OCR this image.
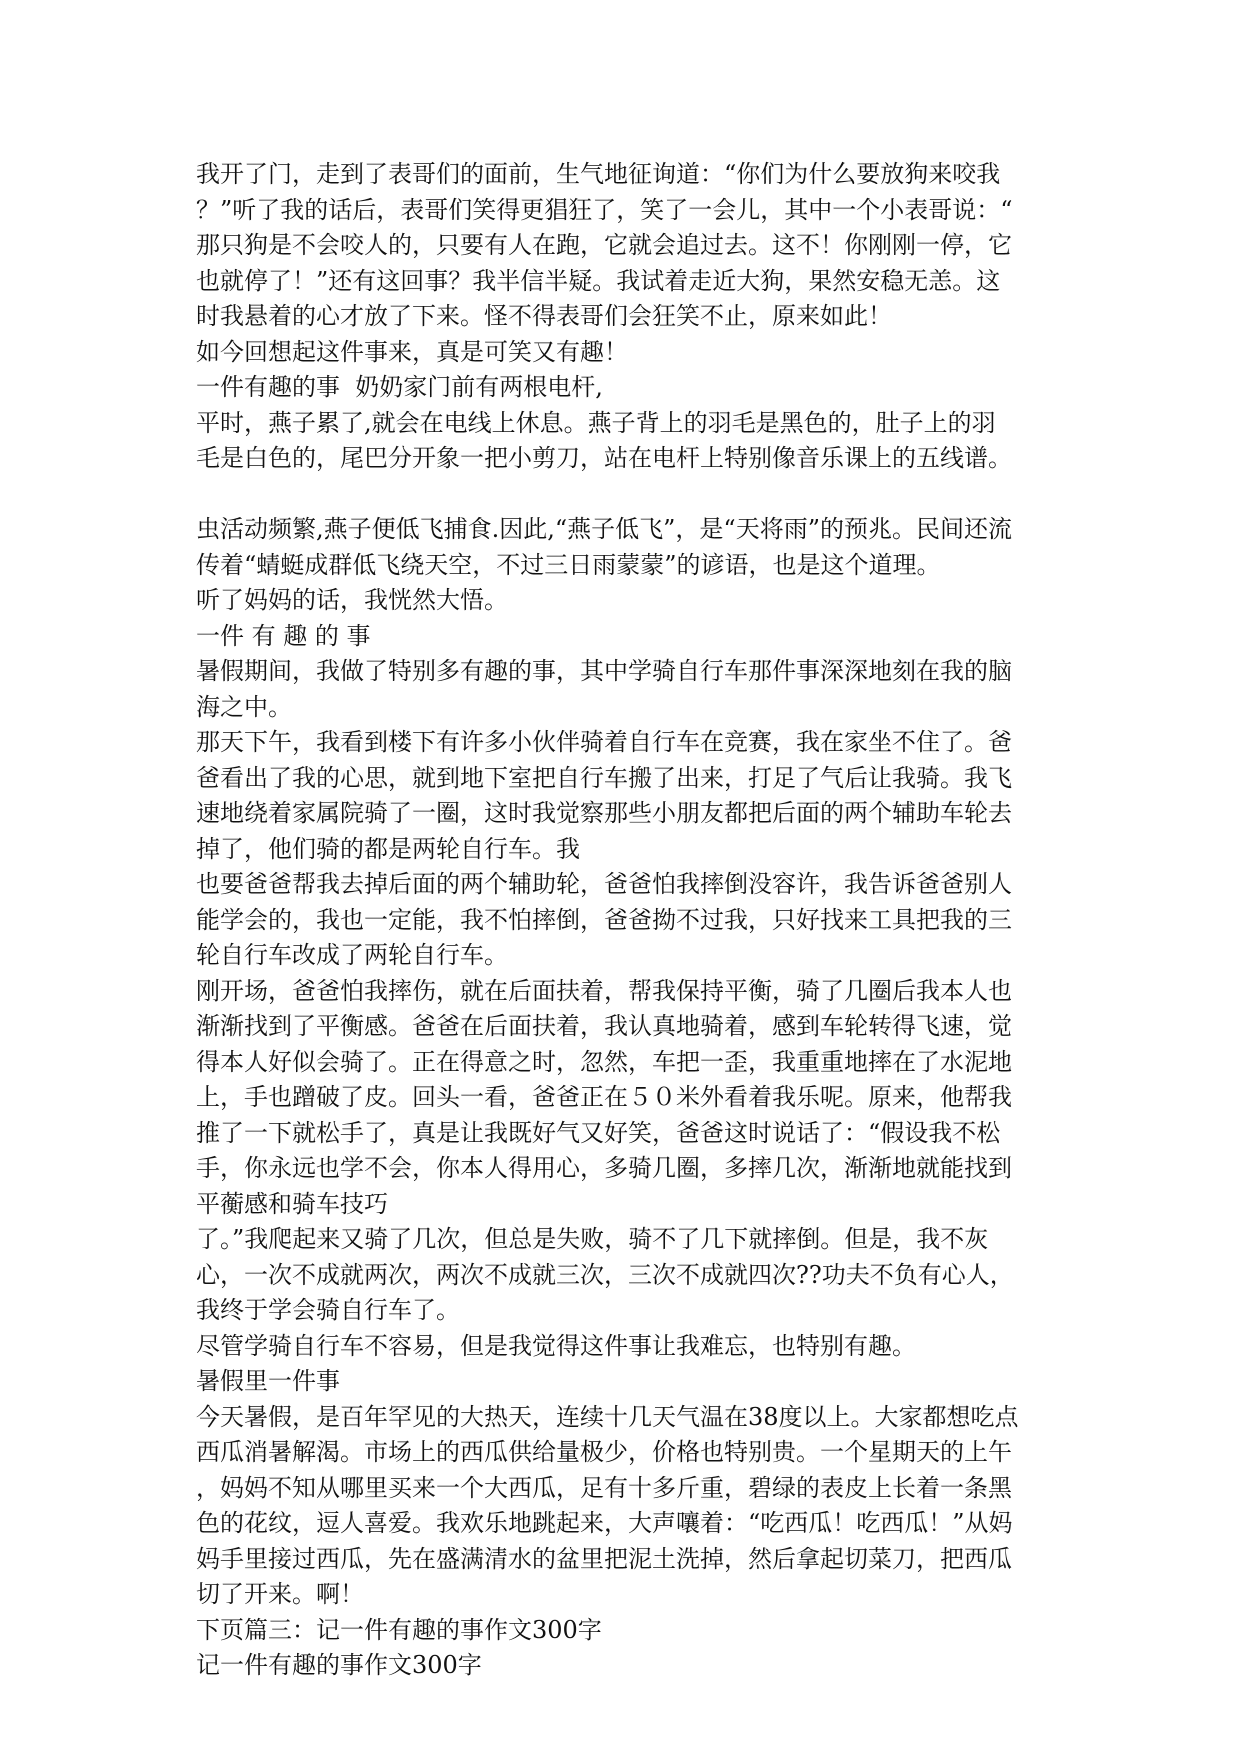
我开了门，走到了表哥们的面前，生气地征询道：“你们为什么要放狗来咬我
？”听了我的话后，表哥们笑得更猖狂了，笑了一会儿，其中一个小表哥说：“
那只狗是不会咬人的，只要有人在跑，它就会追过去。这不！你刚刚一停，它
也就停了！”还有这回事？我半信半疑。我试着走近大狗，果然安稳无恙。这
时我悬着的心才放了下来。怪不得表哥们会狂笑不止，原来如此！
如今回想起这件事来，真是可笑又有趣！
一件有趣的事  奶奶家门前有两根电杆,
平时，燕子累了,就会在电线上休息。燕子背上的羽毛是黑色的，肚子上的羽
毛是白色的，尾巴分开象一把小剪刀，站在电杆上特别像音乐课上的五线谱。
虫活动频繁,燕子便低飞捕食.因此,“燕子低飞”，是“天将雨”的预兆。民间还流
传着“蜻蜓成群低飞绕天空，不过三日雨蒙蒙”的谚语，也是这个道理。
听了妈妈的话，我恍然大悟。
一件 有 趣 的 事
暑假期间，我做了特别多有趣的事，其中学骑自行车那件事深深地刻在我的脑
海之中。
那天下午，我看到楼下有许多小伙伴骑着自行车在竞赛，我在家坐不住了。爸
爸看出了我的心思，就到地下室把自行车搬了出来，打足了气后让我骑。我飞
速地绕着家属院骑了一圈，这时我觉察那些小朋友都把后面的两个辅助车轮去
掉了，他们骑的都是两轮自行车。我
也要爸爸帮我去掉后面的两个辅助轮，爸爸怕我摔倒没容许，我告诉爸爸别人
能学会的，我也一定能，我不怕摔倒，爸爸拗不过我，只好找来工具把我的三
轮自行车改成了两轮自行车。
刚开场，爸爸怕我摔伤，就在后面扶着，帮我保持平衡，骑了几圈后我本人也
渐渐找到了平衡感。爸爸在后面扶着，我认真地骑着，感到车轮转得飞速，觉
得本人好似会骑了。正在得意之时，忽然，车把一歪，我重重地摔在了水泥地
上，手也蹭破了皮。回头一看，爸爸正在５０米外看着我乐呢。原来，他帮我
推了一下就松手了，真是让我既好气又好笑，爸爸这时说话了：“假设我不松
手，你永远也学不会，你本人得用心，多骑几圈，多摔几次，渐渐地就能找到
平蘅感和骑车技巧
了。”我爬起来又骑了几次，但总是失败，骑不了几下就摔倒。但是，我不灰
心，一次不成就两次，两次不成就三次，三次不成就四次??功夫不负有心人，
我终于学会骑自行车了。
尽管学骑自行车不容易，但是我觉得这件事让我难忘，也特别有趣。
暑假里一件事
今天暑假，是百年罕见的大热天，连续十几天气温在38度以上。大家都想吃点
西瓜消暑解渴。市场上的西瓜供给量极少，价格也特别贵。一个星期天的上午
，妈妈不知从哪里买来一个大西瓜，足有十多斤重，碧绿的表皮上长着一条黑
色的花纹，逗人喜爱。我欢乐地跳起来，大声嚷着：“吃西瓜！吃西瓜！”从妈
妈手里接过西瓜，先在盛满清水的盆里把泥土洗掉，然后拿起切菜刀，把西瓜
切了开来。啊！
下页篇三：记一件有趣的事作文300字
记一件有趣的事作文300字
